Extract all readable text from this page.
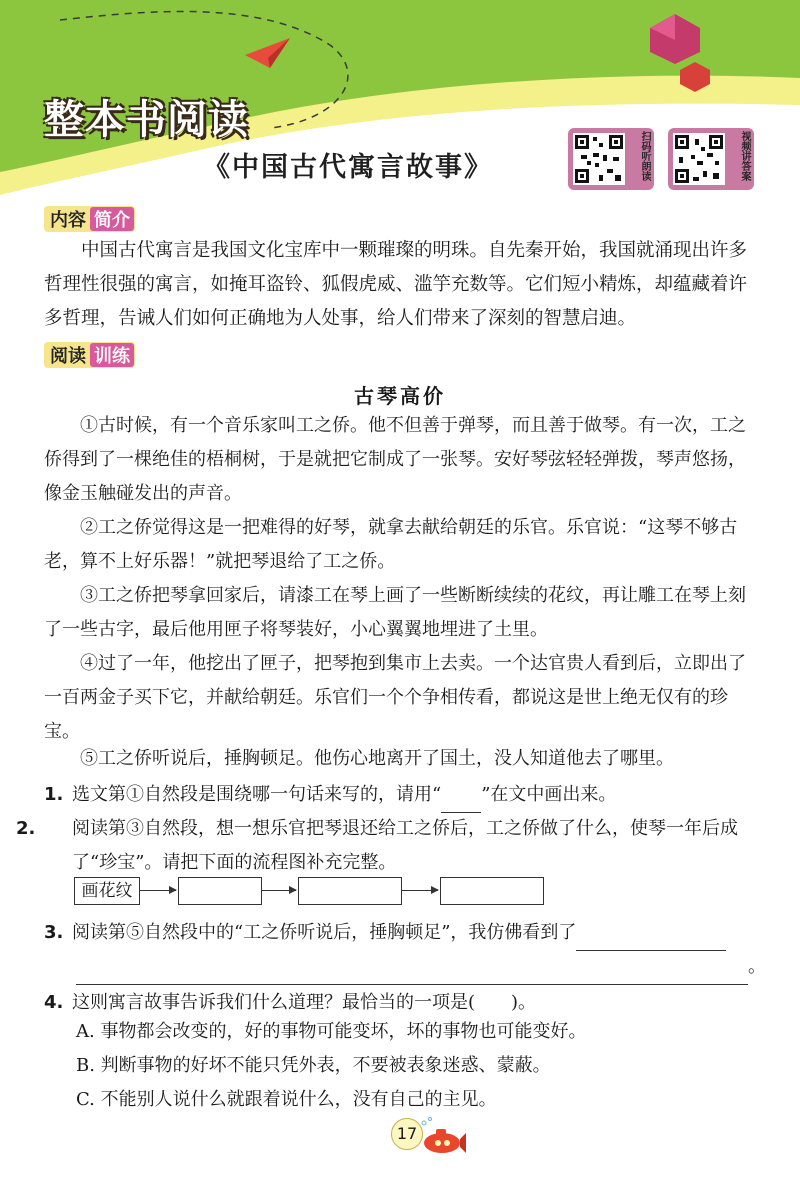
整本书阅读
《中国古代寓言故事》	扫码听朗读	视频讲答案
内容 简介

中国古代寓言是我国文化宝库中一颗璀璨的明珠。自先秦开始，我国就涌现出许多哲理性很强的寓言，如掩耳盗铃、狐假虎威、滥竽充数等。它们短小精炼，却蕴藏着许多哲理，告诫人们如何正确地为人处事，给人们带来了深刻的智慧启迪。

阅读 训练
古琴高价

①古时候，有一个音乐家叫工之侨。他不但善于弹琴，而且善于做琴。有一次，工之侨得到了一棵绝佳的梧桐树，于是就把它制成了一张琴。安好琴弦轻轻弹拨，琴声悠扬，像金玉触碰发出的声音。

②工之侨觉得这是一把难得的好琴，就拿去献给朝廷的乐官。乐官说：“这琴不够古老，算不上好乐器！”就把琴退给了工之侨。

③工之侨把琴拿回家后，请漆工在琴上画了一些断断续续的花纹，再让雕工在琴上刻了一些古字，最后他用匣子将琴装好，小心翼翼地埋进了土里。

④过了一年，他挖出了匣子，把琴抱到集市上去卖。一个达官贵人看到后，立即出了一百两金子买下它，并献给朝廷。乐官们一个个争相传看，都说这是世上绝无仅有的珍宝。

⑤工之侨听说后，捶胸顿足。他伤心地离开了国土，没人知道他去了哪里。

1. 选文第①自然段是围绕哪一句话来写的，请用“ ”在文中画出来。
2. 阅读第③自然段，想一想乐官把琴退还给工之侨后，工之侨做了什么，使琴一年后成了“珍宝”。请把下面的流程图补充完整。
画花纹
3. 阅读第⑤自然段中的“工之侨听说后，捶胸顿足”，我仿佛看到了
。
4. 这则寓言故事告诉我们什么道理？最恰当的一项是(　　)。
A. 事物都会改变的，好的事物可能变坏，坏的事物也可能变好。
B. 判断事物的好坏不能只凭外表，不要被表象迷惑、蒙蔽。
C. 不能别人说什么就跟着说什么，没有自己的主见。
17
